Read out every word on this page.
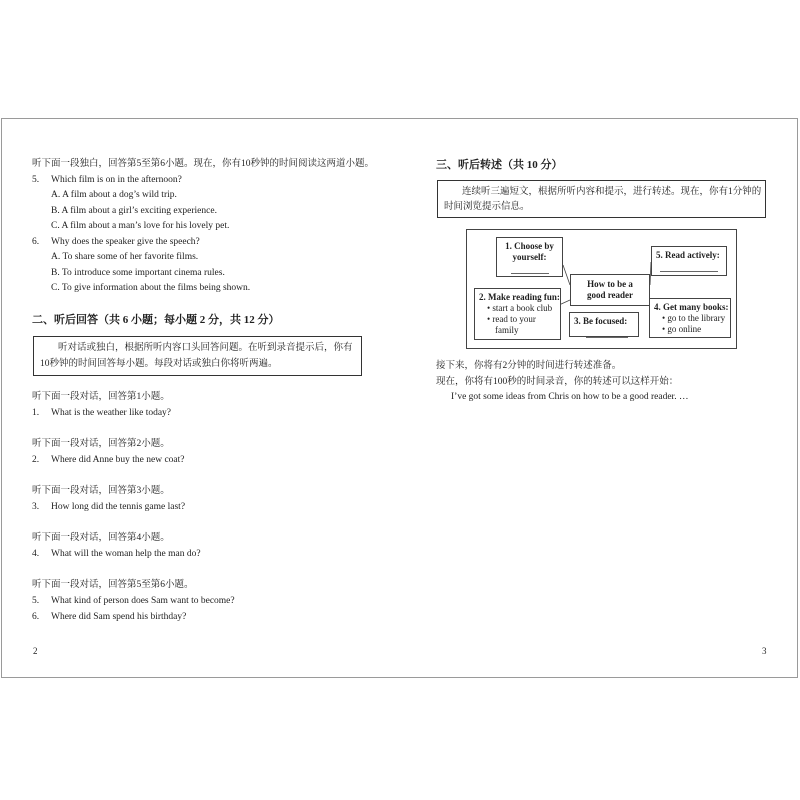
听下面一段独白，回答第5至第6小题。现在，你有10秒钟的时间阅读这两道小题。
5. Which film is on in the afternoon?
A. A film about a dog’s wild trip.
B. A film about a girl’s exciting experience.
C. A film about a man’s love for his lovely pet.
6. Why does the speaker give the speech?
A. To share some of her favorite films.
B. To introduce some important cinema rules.
C. To give information about the films being shown.
二、听后回答（共 6 小题；每小题 2 分，共 12 分）
听对话或独白，根据所听内容口头回答问题。在听到录音提示后，你有
10秒钟的时间回答每小题。每段对话或独白你将听两遍。
听下面一段对话，回答第1小题。
1. What is the weather like today?
听下面一段对话，回答第2小题。
2. Where did Anne buy the new coat?
听下面一段对话，回答第3小题。
3. How long did the tennis game last?
听下面一段对话，回答第4小题。
4. What will the woman help the man do?
听下面一段对话，回答第5至第6小题。
5. What kind of person does Sam want to become?
6. Where did Sam spend his birthday?
2
三、听后转述（共 10 分）
连续听三遍短文，根据所听内容和提示，进行转述。现在，你有1分钟的
时间浏览提示信息。
1. Choose by
yourself:
How to be a
good reader
2. Make reading fun:
• start a book club
• read to your
family
3. Be focused:
5. Read actively:
4. Get many books:
• go to the library
• go online
接下来，你将有2分钟的时间进行转述准备。
现在，你将有100秒的时间录音，你的转述可以这样开始：
I’ve got some ideas from Chris on how to be a good reader. …
3
